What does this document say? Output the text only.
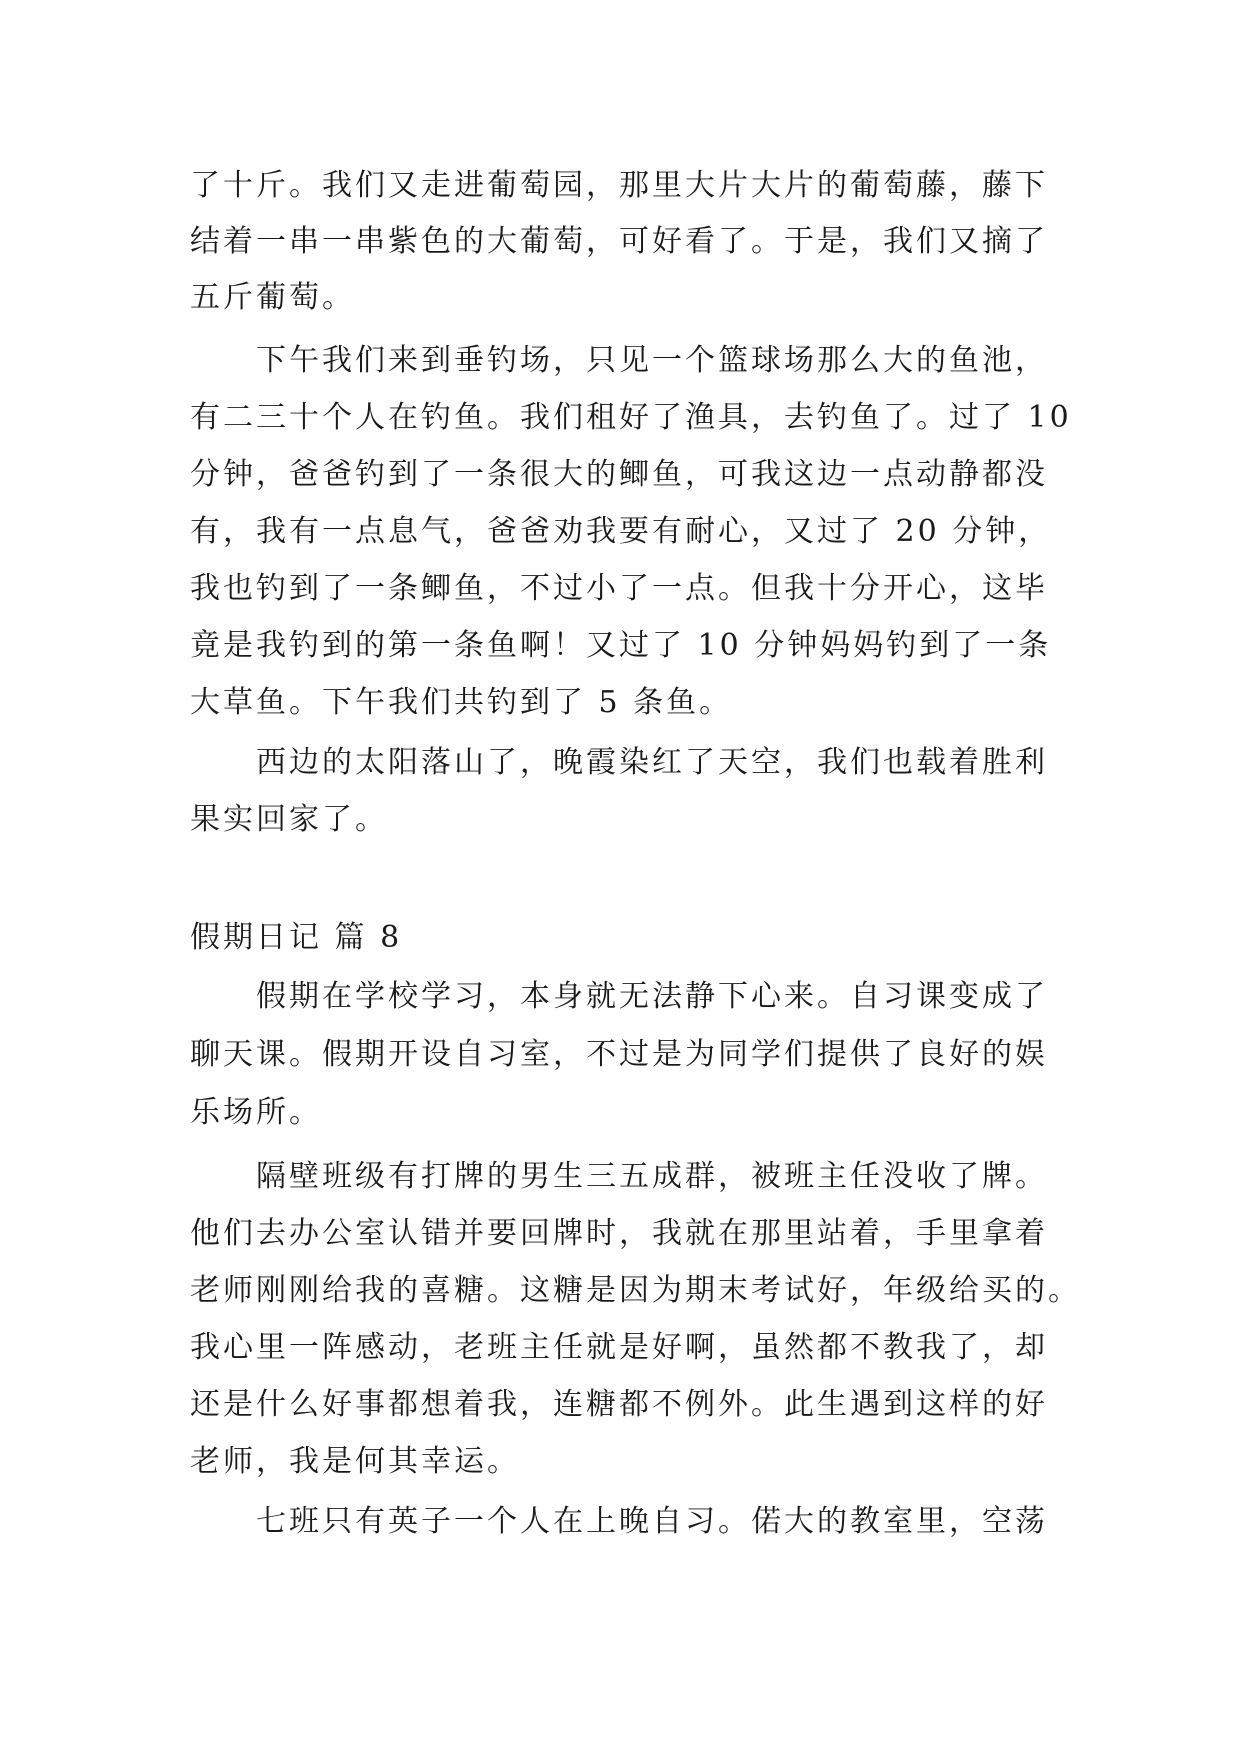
了十斤。我们又走进葡萄园，那里大片大片的葡萄藤，藤下
结着一串一串紫色的大葡萄，可好看了。于是，我们又摘了
五斤葡萄。
下午我们来到垂钓场，只见一个篮球场那么大的鱼池，
有二三十个人在钓鱼。我们租好了渔具，去钓鱼了。过了 10
分钟，爸爸钓到了一条很大的鲫鱼，可我这边一点动静都没
有，我有一点息气，爸爸劝我要有耐心，又过了 20 分钟，
我也钓到了一条鲫鱼，不过小了一点。但我十分开心，这毕
竟是我钓到的第一条鱼啊！又过了 10 分钟妈妈钓到了一条
大草鱼。下午我们共钓到了 5 条鱼。
西边的太阳落山了，晚霞染红了天空，我们也载着胜利
果实回家了。
假期日记 篇 8
假期在学校学习，本身就无法静下心来。自习课变成了
聊天课。假期开设自习室，不过是为同学们提供了良好的娱
乐场所。
隔壁班级有打牌的男生三五成群，被班主任没收了牌。
他们去办公室认错并要回牌时，我就在那里站着，手里拿着
老师刚刚给我的喜糖。这糖是因为期末考试好，年级给买的。
我心里一阵感动，老班主任就是好啊，虽然都不教我了，却
还是什么好事都想着我，连糖都不例外。此生遇到这样的好
老师，我是何其幸运。
七班只有英子一个人在上晚自习。偌大的教室里，空荡
